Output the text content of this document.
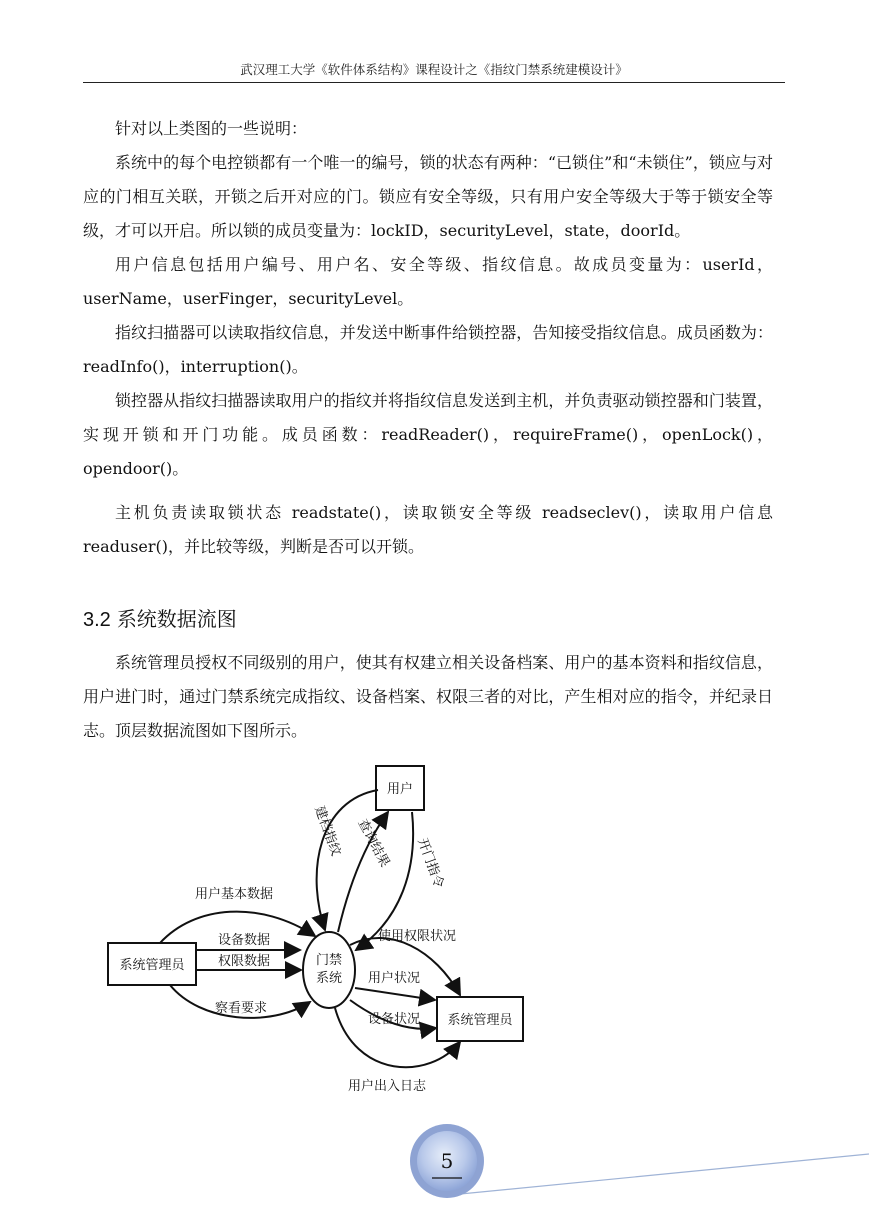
武汉理工大学《软件体系结构》课程设计之《指纹门禁系统建模设计》
针对以上类图的一些说明：
系统中的每个电控锁都有一个唯一的编号，锁的状态有两种：“已锁住”和“未锁住”，锁应与对应的门相互关联，开锁之后开对应的门。锁应有安全等级，只有用户安全等级大于等于锁安全等级，才可以开启。所以锁的成员变量为：lockID，securityLevel，state，doorId。
用户信息包括用户编号、用户名、安全等级、指纹信息。故成员变量为：userId，userName，userFinger，securityLevel。
指纹扫描器可以读取指纹信息，并发送中断事件给锁控器，告知接受指纹信息。成员函数为：readInfo()，interruption()。
锁控器从指纹扫描器读取用户的指纹并将指纹信息发送到主机，并负责驱动锁控器和门装置，实现开锁和开门功能。成员函数：readReader()，requireFrame()，openLock()，opendoor()。
主机负责读取锁状态 readstate()，读取锁安全等级 readseclev()，读取用户信息 readuser()，并比较等级，判断是否可以开锁。
3.2 系统数据流图
系统管理员授权不同级别的用户，使其有权建立相关设备档案、用户的基本资料和指纹信息，用户进门时，通过门禁系统完成指纹、设备档案、权限三者的对比，产生相对应的指令，并纪录日志。顶层数据流图如下图所示。
用户
系统管理员
系统管理员
门禁
系统
建档指纹 查询结果 开门指令
用户基本数据
设备数据
权限数据
察看要求
使用权限状况
用户状况
设备状况
用户出入日志
5
